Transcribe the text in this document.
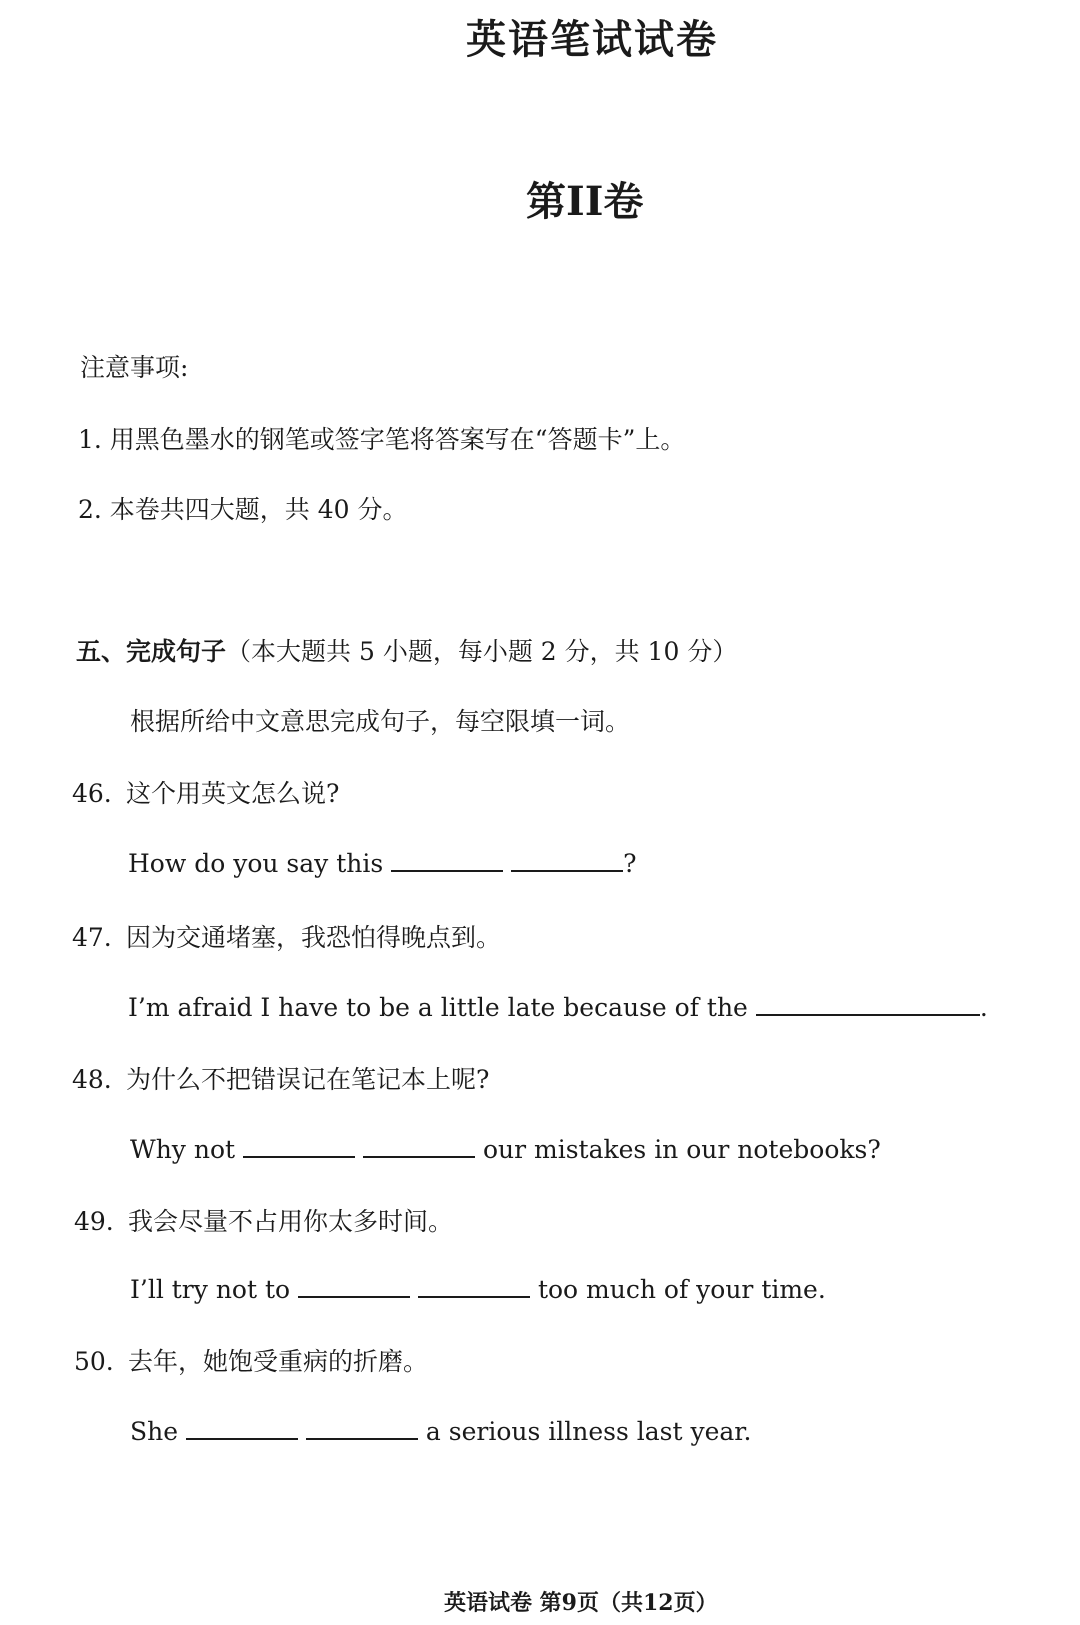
英语笔试试卷
第II卷
注意事项:
1. 用黑色墨水的钢笔或签字笔将答案写在“答题卡”上。
2. 本卷共四大题，共 40 分。
五、完成句子（本大题共 5 小题，每小题 2 分，共 10 分）
根据所给中文意思完成句子，每空限填一词。
46. 这个用英文怎么说?
How do you say this	?
47. 因为交通堵塞，我恐怕得晚点到。
I’m afraid I have to be a little late because of the	.
48. 为什么不把错误记在笔记本上呢?
Why not	our mistakes in our notebooks?
49. 我会尽量不占用你太多时间。
I’ll try not to	too much of your time.
50. 去年，她饱受重病的折磨。
She	a serious illness last year.
英语试卷 第9页（共12页）
